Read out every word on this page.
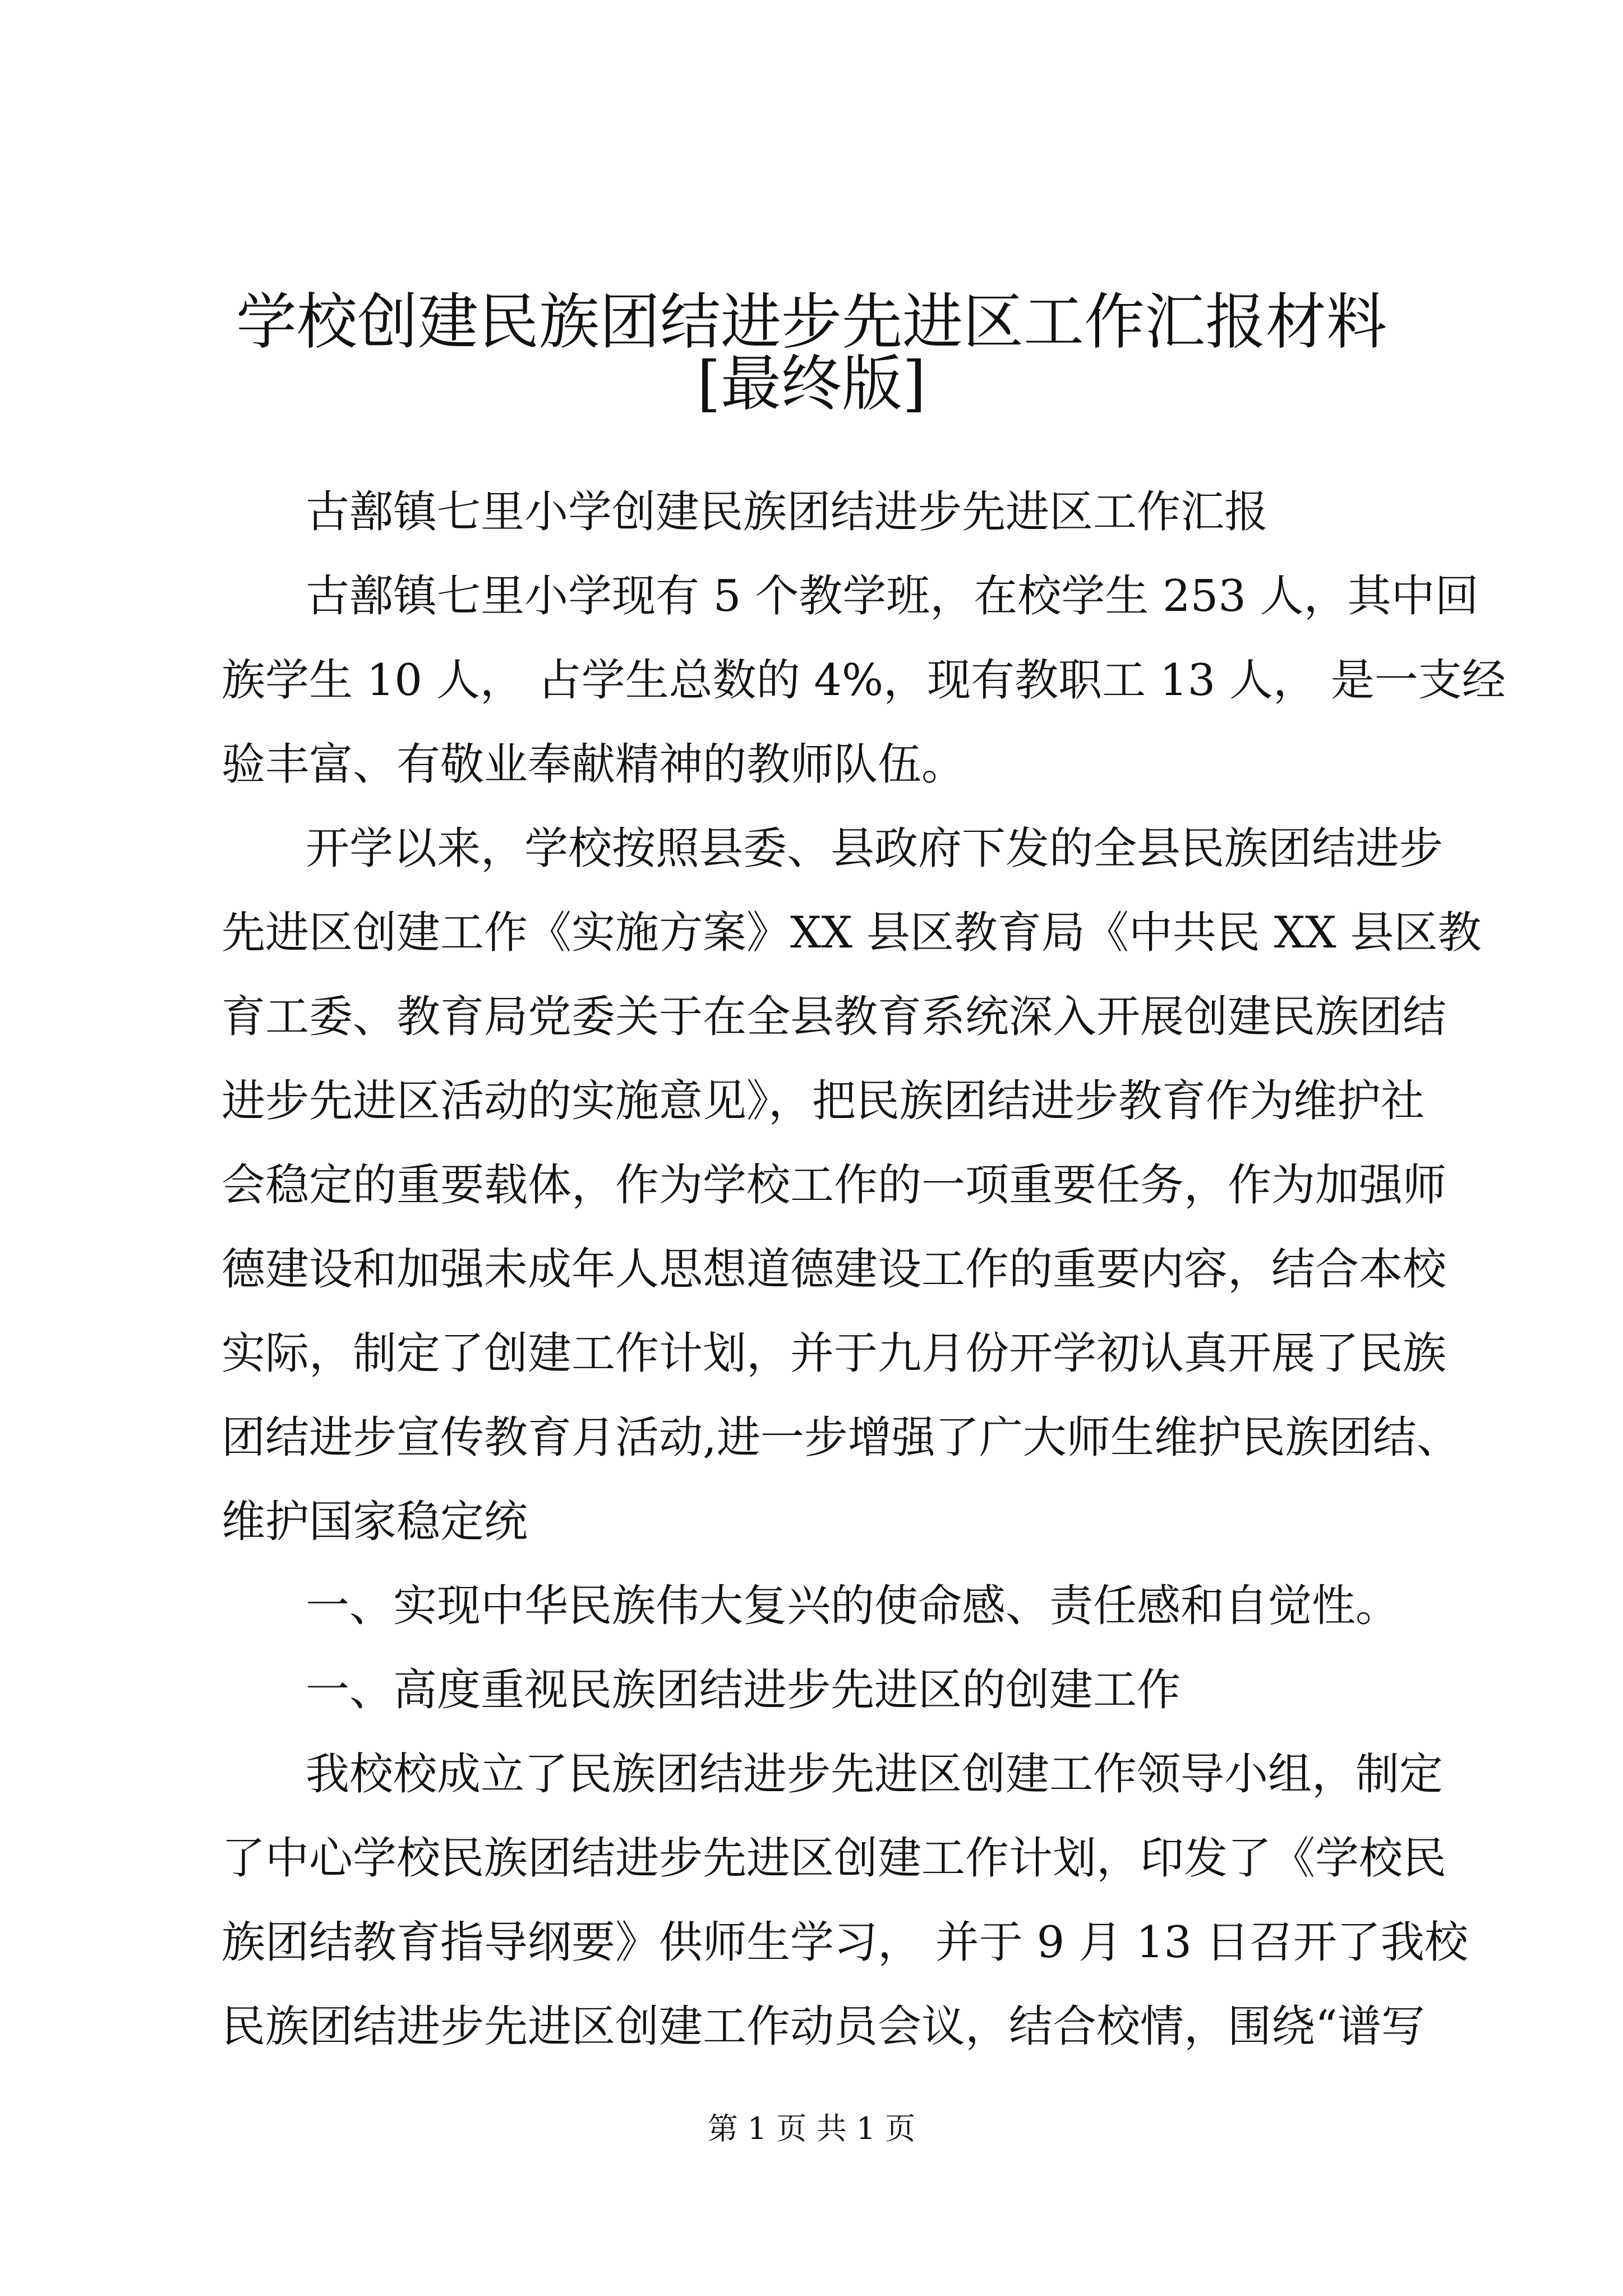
学校创建民族团结进步先进区工作汇报材料
[最终版]
古鄯镇七里小学创建民族团结进步先进区工作汇报
古鄯镇七里小学现有 5 个教学班，在校学生 253 人，其中回
族学生 10 人， 占学生总数的 4%，现有教职工 13 人， 是一支经
验丰富、有敬业奉献精神的教师队伍。
开学以来，学校按照县委、县政府下发的全县民族团结进步
先进区创建工作《实施方案》XX 县区教育局《中共民 XX 县区教
育工委、教育局党委关于在全县教育系统深入开展创建民族团结
进步先进区活动的实施意见》，把民族团结进步教育作为维护社
会稳定的重要载体，作为学校工作的一项重要任务，作为加强师
德建设和加强未成年人思想道德建设工作的重要内容，结合本校
实际，制定了创建工作计划，并于九月份开学初认真开展了民族
团结进步宣传教育月活动,进一步增强了广大师生维护民族团结、
维护国家稳定统
一、实现中华民族伟大复兴的使命感、责任感和自觉性。
一、高度重视民族团结进步先进区的创建工作
我校校成立了民族团结进步先进区创建工作领导小组，制定
了中心学校民族团结进步先进区创建工作计划，印发了《学校民
族团结教育指导纲要》供师生学习， 并于 9 月 13 日召开了我校
民族团结进步先进区创建工作动员会议，结合校情，围绕“谱写
第 1 页 共 1 页
